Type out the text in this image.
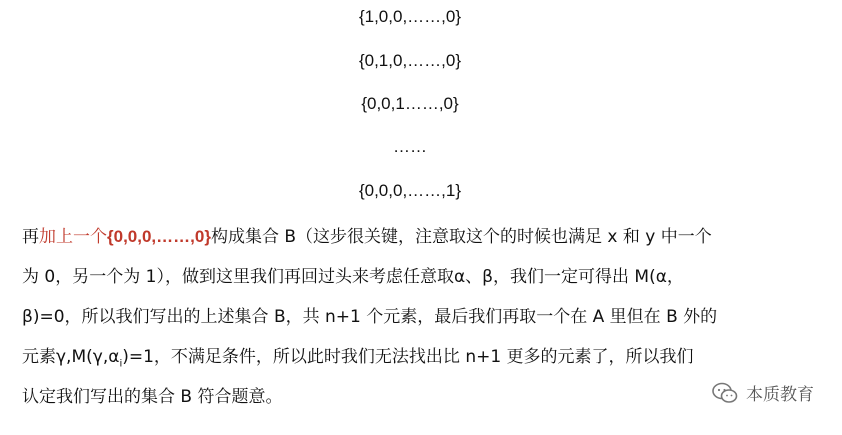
{1,0,0,……,0}
{0,1,0,……,0}
{0,0,1……,0}
……
{0,0,0,……,1}
再加上一个{0,0,0,……,0}构成集合 B（这步很关键，注意取这个的时候也满足 x 和 y 中一个
为 0，另一个为 1），做到这里我们再回过头来考虑任意取α、β，我们一定可得出 M(α，
β)=0，所以我们写出的上述集合 B，共 n+1 个元素，最后我们再取一个在 A 里但在 B 外的
元素$\gamma,M(\gamma,\alpha_i)=1$，不满足条件，所以此时我们无法找出比 n+1 更多的元素了，所以我们
认定我们写出的集合 B 符合题意。	本质教育
